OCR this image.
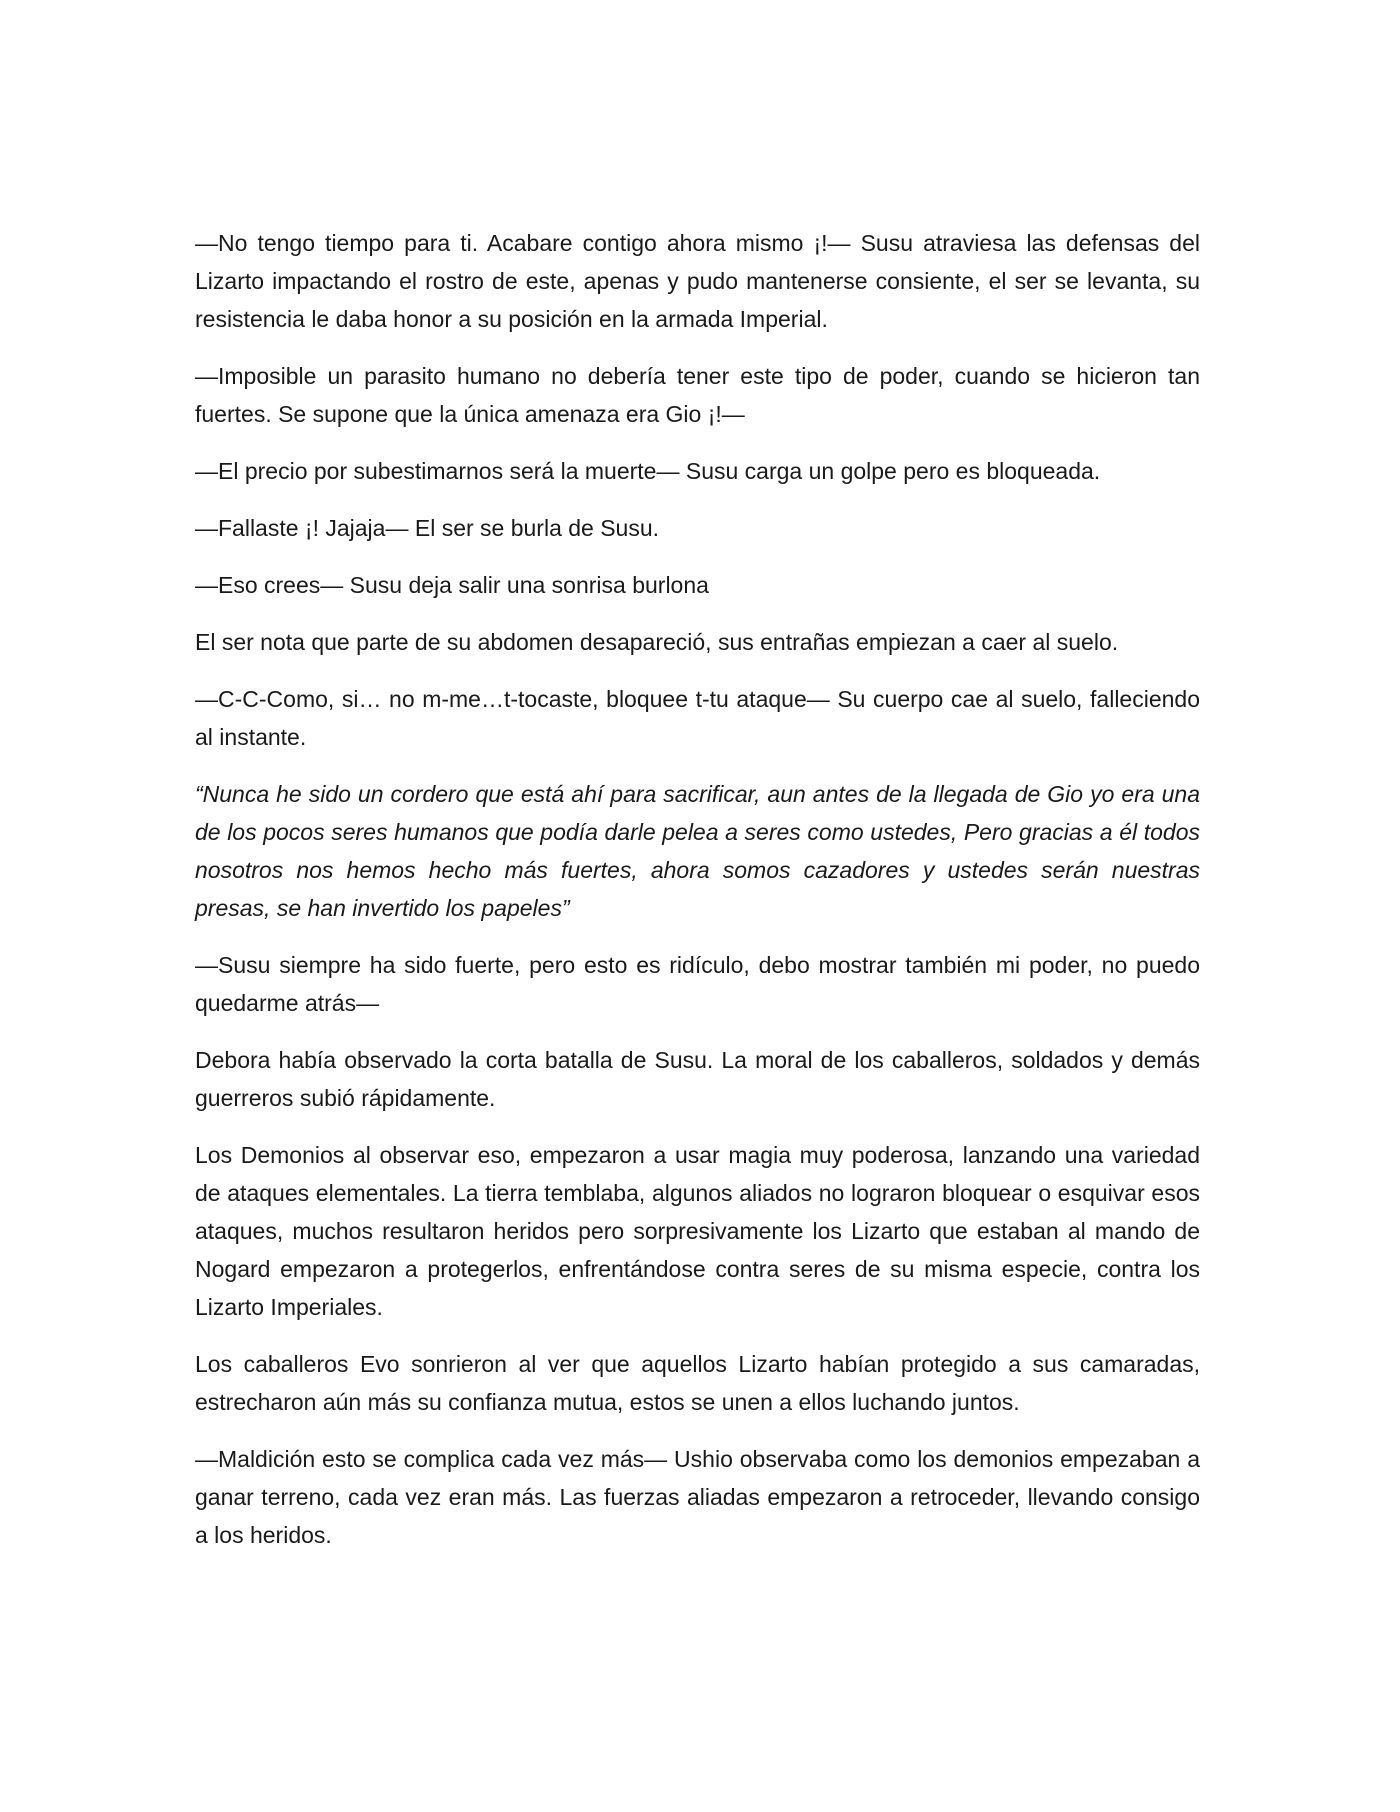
—No tengo tiempo para ti. Acabare contigo ahora mismo ¡!— Susu atraviesa las defensas del Lizarto impactando el rostro de este, apenas y pudo mantenerse consiente, el ser se levanta, su resistencia le daba honor a su posición en la armada Imperial.

—Imposible un parasito humano no debería tener este tipo de poder, cuando se hicieron tan fuertes. Se supone que la única amenaza era Gio ¡!—

—El precio por subestimarnos será la muerte— Susu carga un golpe pero es bloqueada.

—Fallaste ¡! Jajaja— El ser se burla de Susu.

—Eso crees— Susu deja salir una sonrisa burlona

El ser nota que parte de su abdomen desapareció, sus entrañas empiezan a caer al suelo.

—C-C-Como, si… no m-me…t-tocaste, bloquee t-tu ataque— Su cuerpo cae al suelo, falleciendo al instante.

“Nunca he sido un cordero que está ahí para sacrificar, aun antes de la llegada de Gio yo era una de los pocos seres humanos que podía darle pelea a seres como ustedes, Pero gracias a él todos nosotros nos hemos hecho más fuertes, ahora somos cazadores y ustedes serán nuestras presas, se han invertido los papeles”

—Susu siempre ha sido fuerte, pero esto es ridículo, debo mostrar también mi poder, no puedo quedarme atrás—

Debora había observado la corta batalla de Susu. La moral de los caballeros, soldados y demás guerreros subió rápidamente.

Los Demonios al observar eso, empezaron a usar magia muy poderosa, lanzando una variedad de ataques elementales. La tierra temblaba, algunos aliados no lograron bloquear o esquivar esos ataques, muchos resultaron heridos pero sorpresivamente los Lizarto que estaban al mando de Nogard empezaron a protegerlos, enfrentándose contra seres de su misma especie, contra los Lizarto Imperiales.

Los caballeros Evo sonrieron al ver que aquellos Lizarto habían protegido a sus camaradas, estrecharon aún más su confianza mutua, estos se unen a ellos luchando juntos.

—Maldición esto se complica cada vez más— Ushio observaba como los demonios empezaban a ganar terreno, cada vez eran más. Las fuerzas aliadas empezaron a retroceder, llevando consigo a los heridos.
